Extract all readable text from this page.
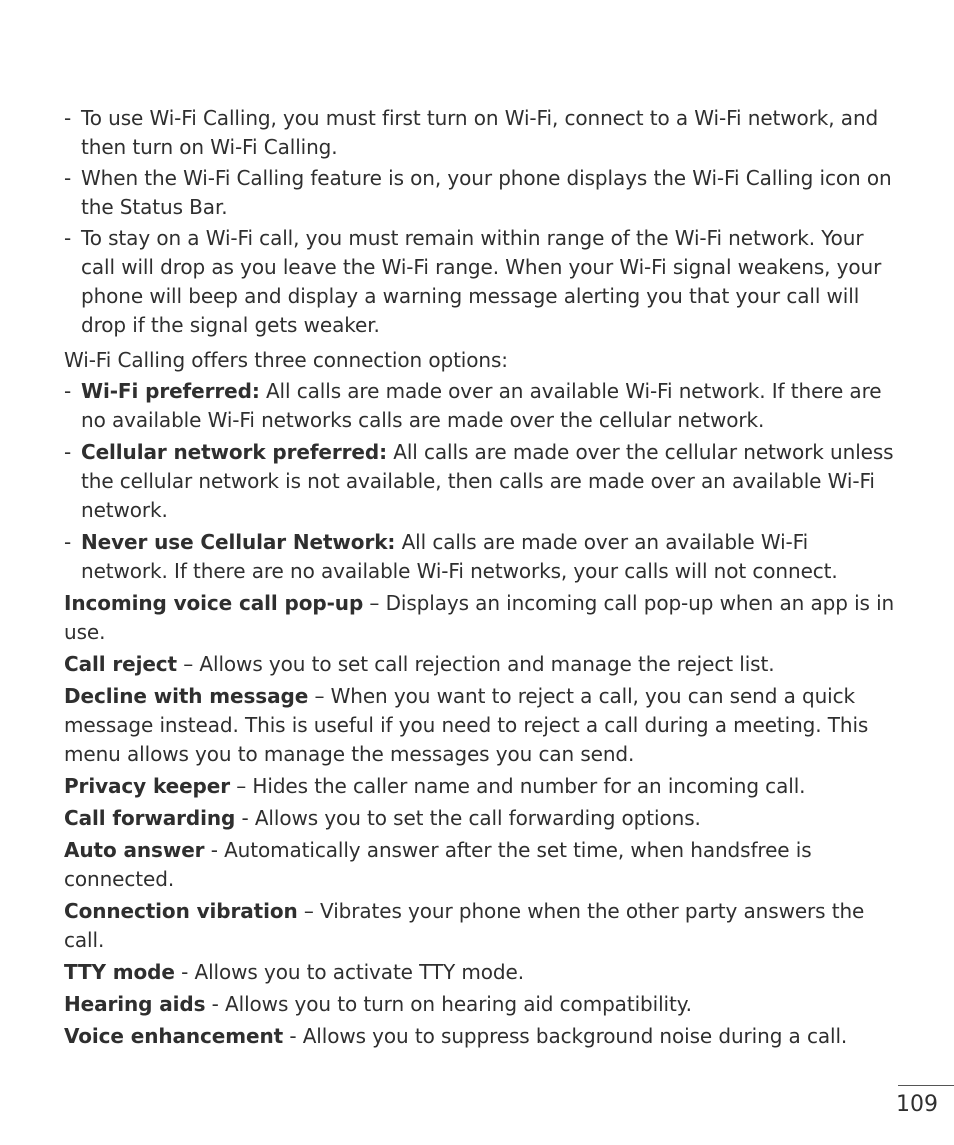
- To use Wi-Fi Calling, you must first turn on Wi-Fi, connect to a Wi-Fi network, and then turn on Wi-Fi Calling.
- When the Wi-Fi Calling feature is on, your phone displays the Wi-Fi Calling icon on the Status Bar.
- To stay on a Wi-Fi call, you must remain within range of the Wi-Fi network. Your call will drop as you leave the Wi-Fi range. When your Wi-Fi signal weakens, your phone will beep and display a warning message alerting you that your call will drop if the signal gets weaker.
Wi-Fi Calling offers three connection options:
- Wi-Fi preferred: All calls are made over an available Wi-Fi network. If there are no available Wi-Fi networks calls are made over the cellular network.
- Cellular network preferred: All calls are made over the cellular network unless the cellular network is not available, then calls are made over an available Wi-Fi network.
- Never use Cellular Network: All calls are made over an available Wi-Fi network. If there are no available Wi-Fi networks, your calls will not connect.
Incoming voice call pop-up – Displays an incoming call pop-up when an app is in use.
Call reject – Allows you to set call rejection and manage the reject list.
Decline with message – When you want to reject a call, you can send a quick message instead. This is useful if you need to reject a call during a meeting. This menu allows you to manage the messages you can send.
Privacy keeper – Hides the caller name and number for an incoming call.
Call forwarding - Allows you to set the call forwarding options.
Auto answer - Automatically answer after the set time, when handsfree is connected.
Connection vibration – Vibrates your phone when the other party answers the call.
TTY mode - Allows you to activate TTY mode.
Hearing aids - Allows you to turn on hearing aid compatibility.
Voice enhancement - Allows you to suppress background noise during a call.
109
